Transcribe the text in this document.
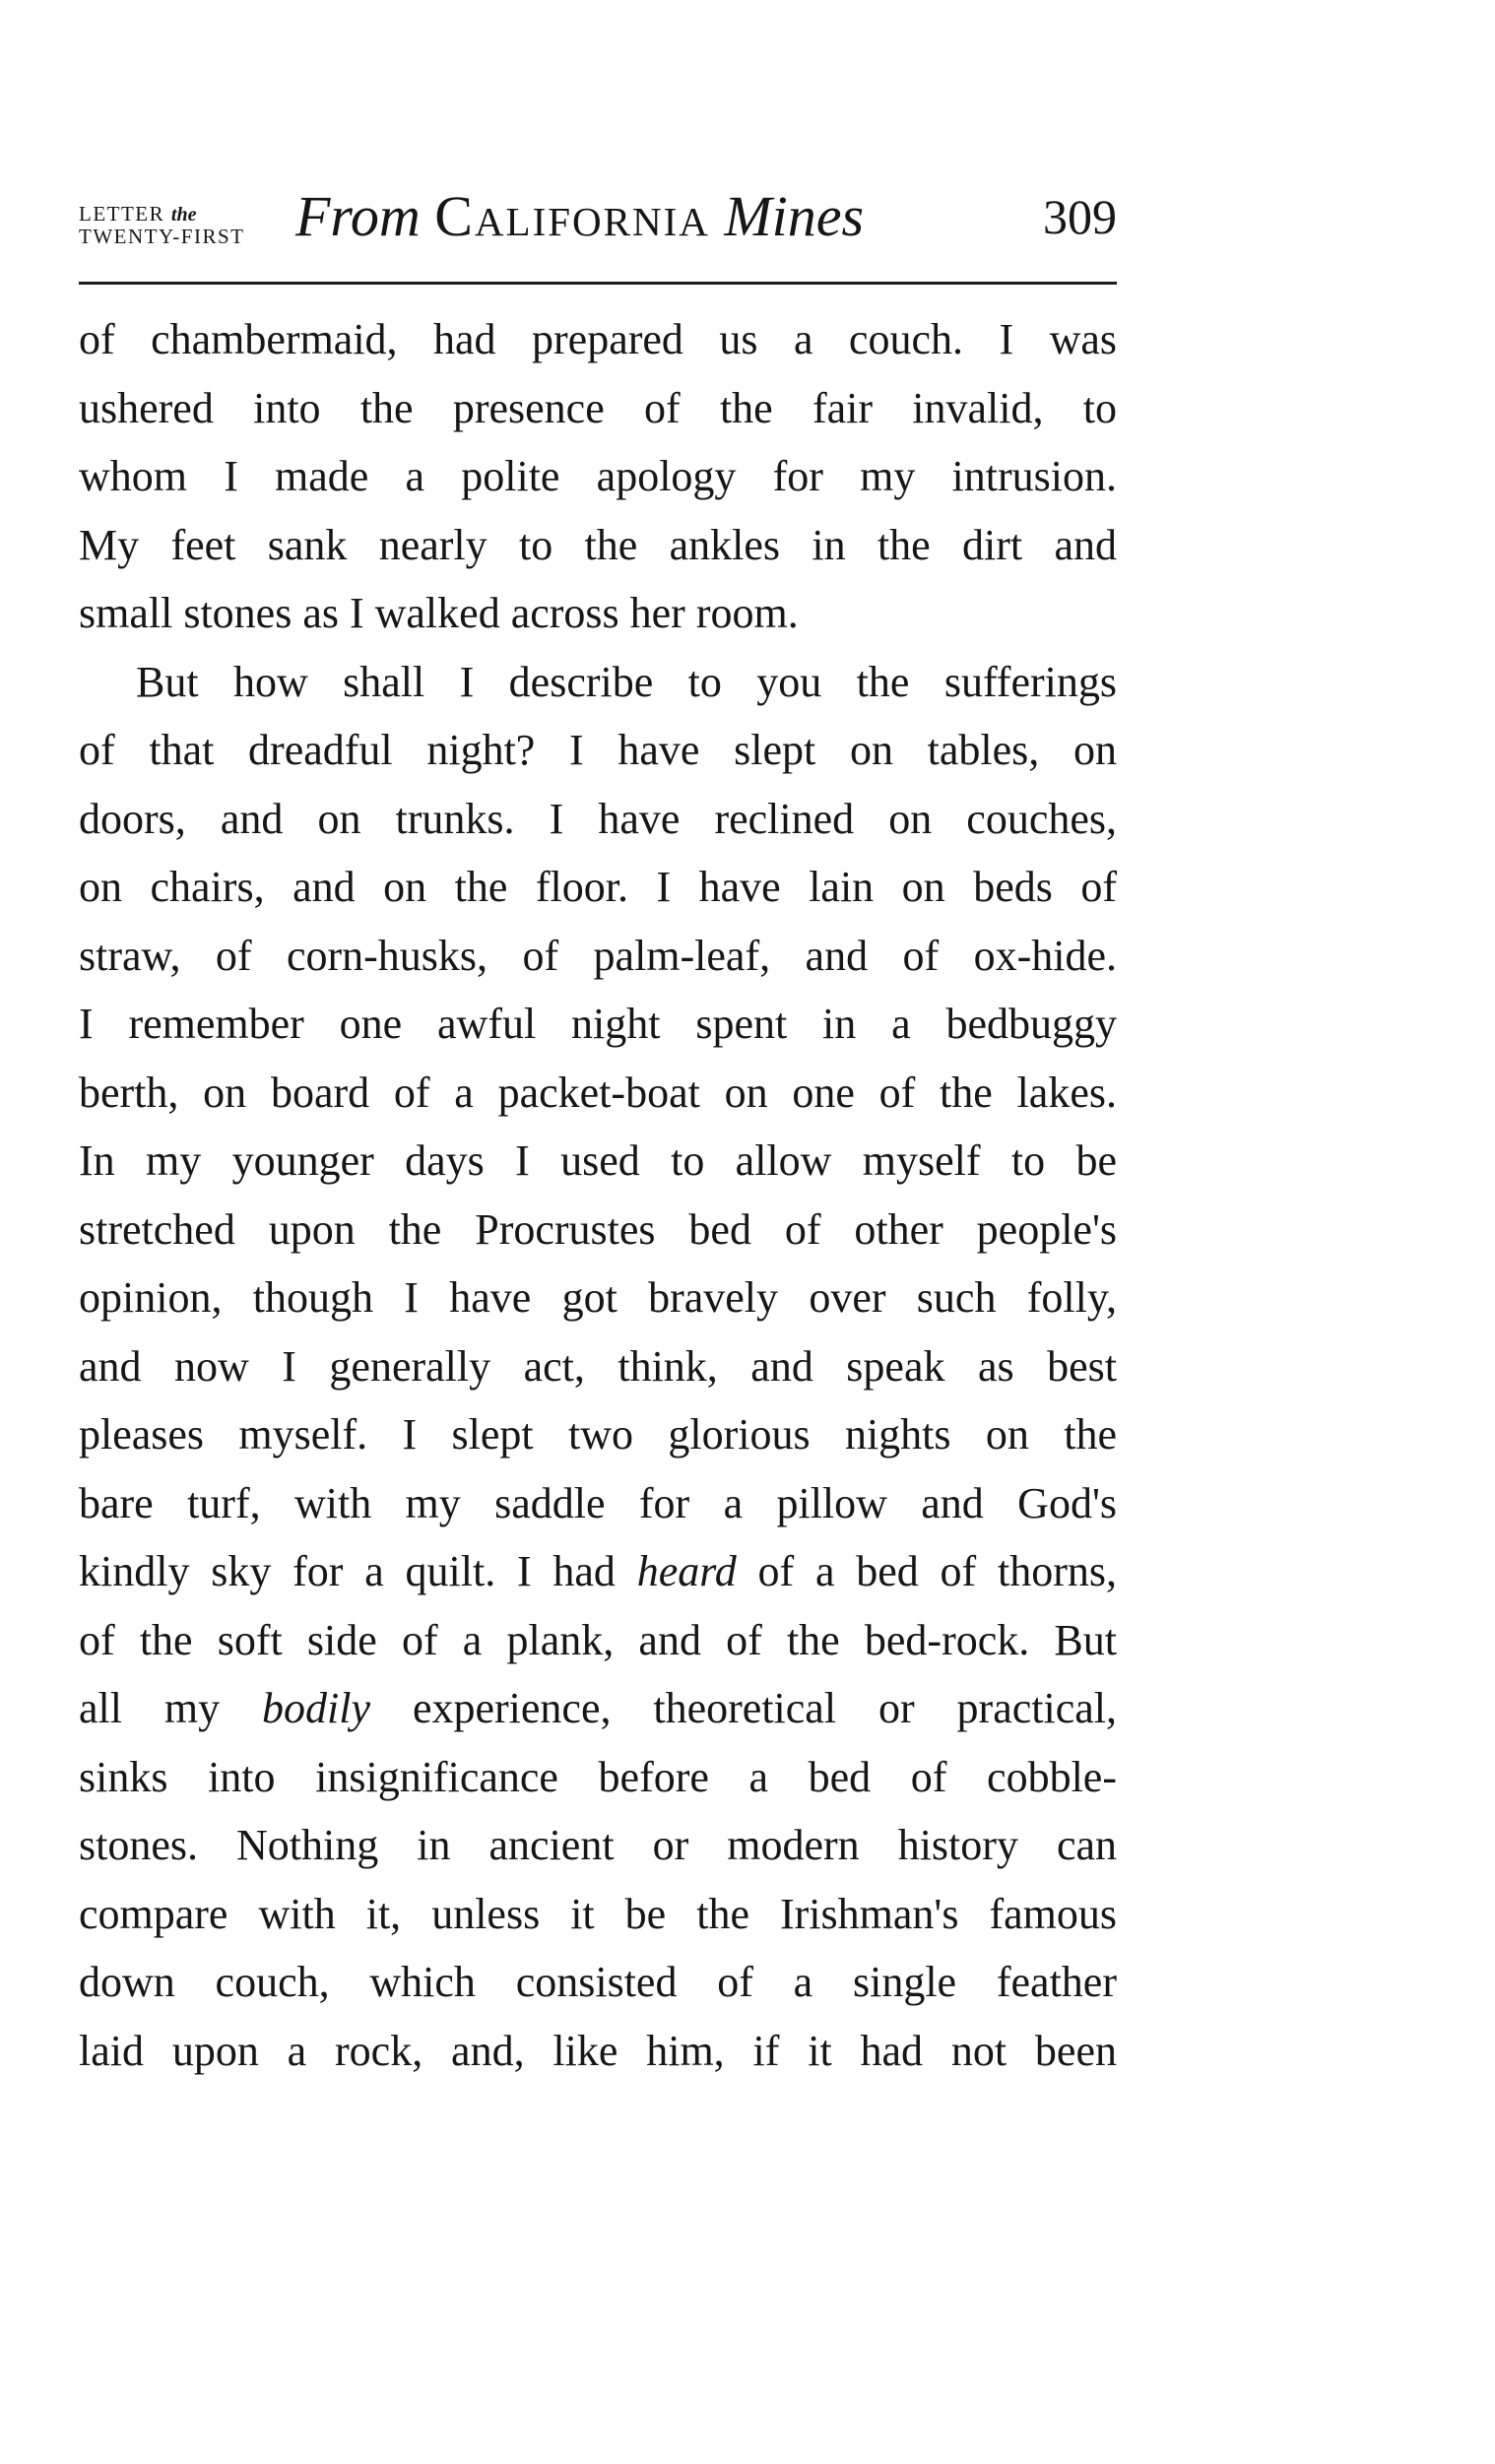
LETTER the
TWENTY-FIRST From California Mines	309
of chambermaid, had prepared us a couch. I was
ushered into the presence of the fair invalid, to
whom I made a polite apology for my intrusion.
My feet sank nearly to the ankles in the dirt and
small stones as I walked across her room.
But how shall I describe to you the sufferings
of that dreadful night? I have slept on tables, on
doors, and on trunks. I have reclined on couches,
on chairs, and on the floor. I have lain on beds of
straw, of corn-husks, of palm-leaf, and of ox-hide.
I remember one awful night spent in a bedbuggy
berth, on board of a packet-boat on one of the lakes.
In my younger days I used to allow myself to be
stretched upon the Procrustes bed of other people's
opinion, though I have got bravely over such folly,
and now I generally act, think, and speak as best
pleases myself. I slept two glorious nights on the
bare turf, with my saddle for a pillow and God's
kindly sky for a quilt. I had heard of a bed of thorns,
of the soft side of a plank, and of the bed-rock. But
all my bodily experience, theoretical or practical,
sinks into insignificance before a bed of cobble-
stones. Nothing in ancient or modern history can
compare with it, unless it be the Irishman's famous
down couch, which consisted of a single feather
laid upon a rock, and, like him, if it had not been
